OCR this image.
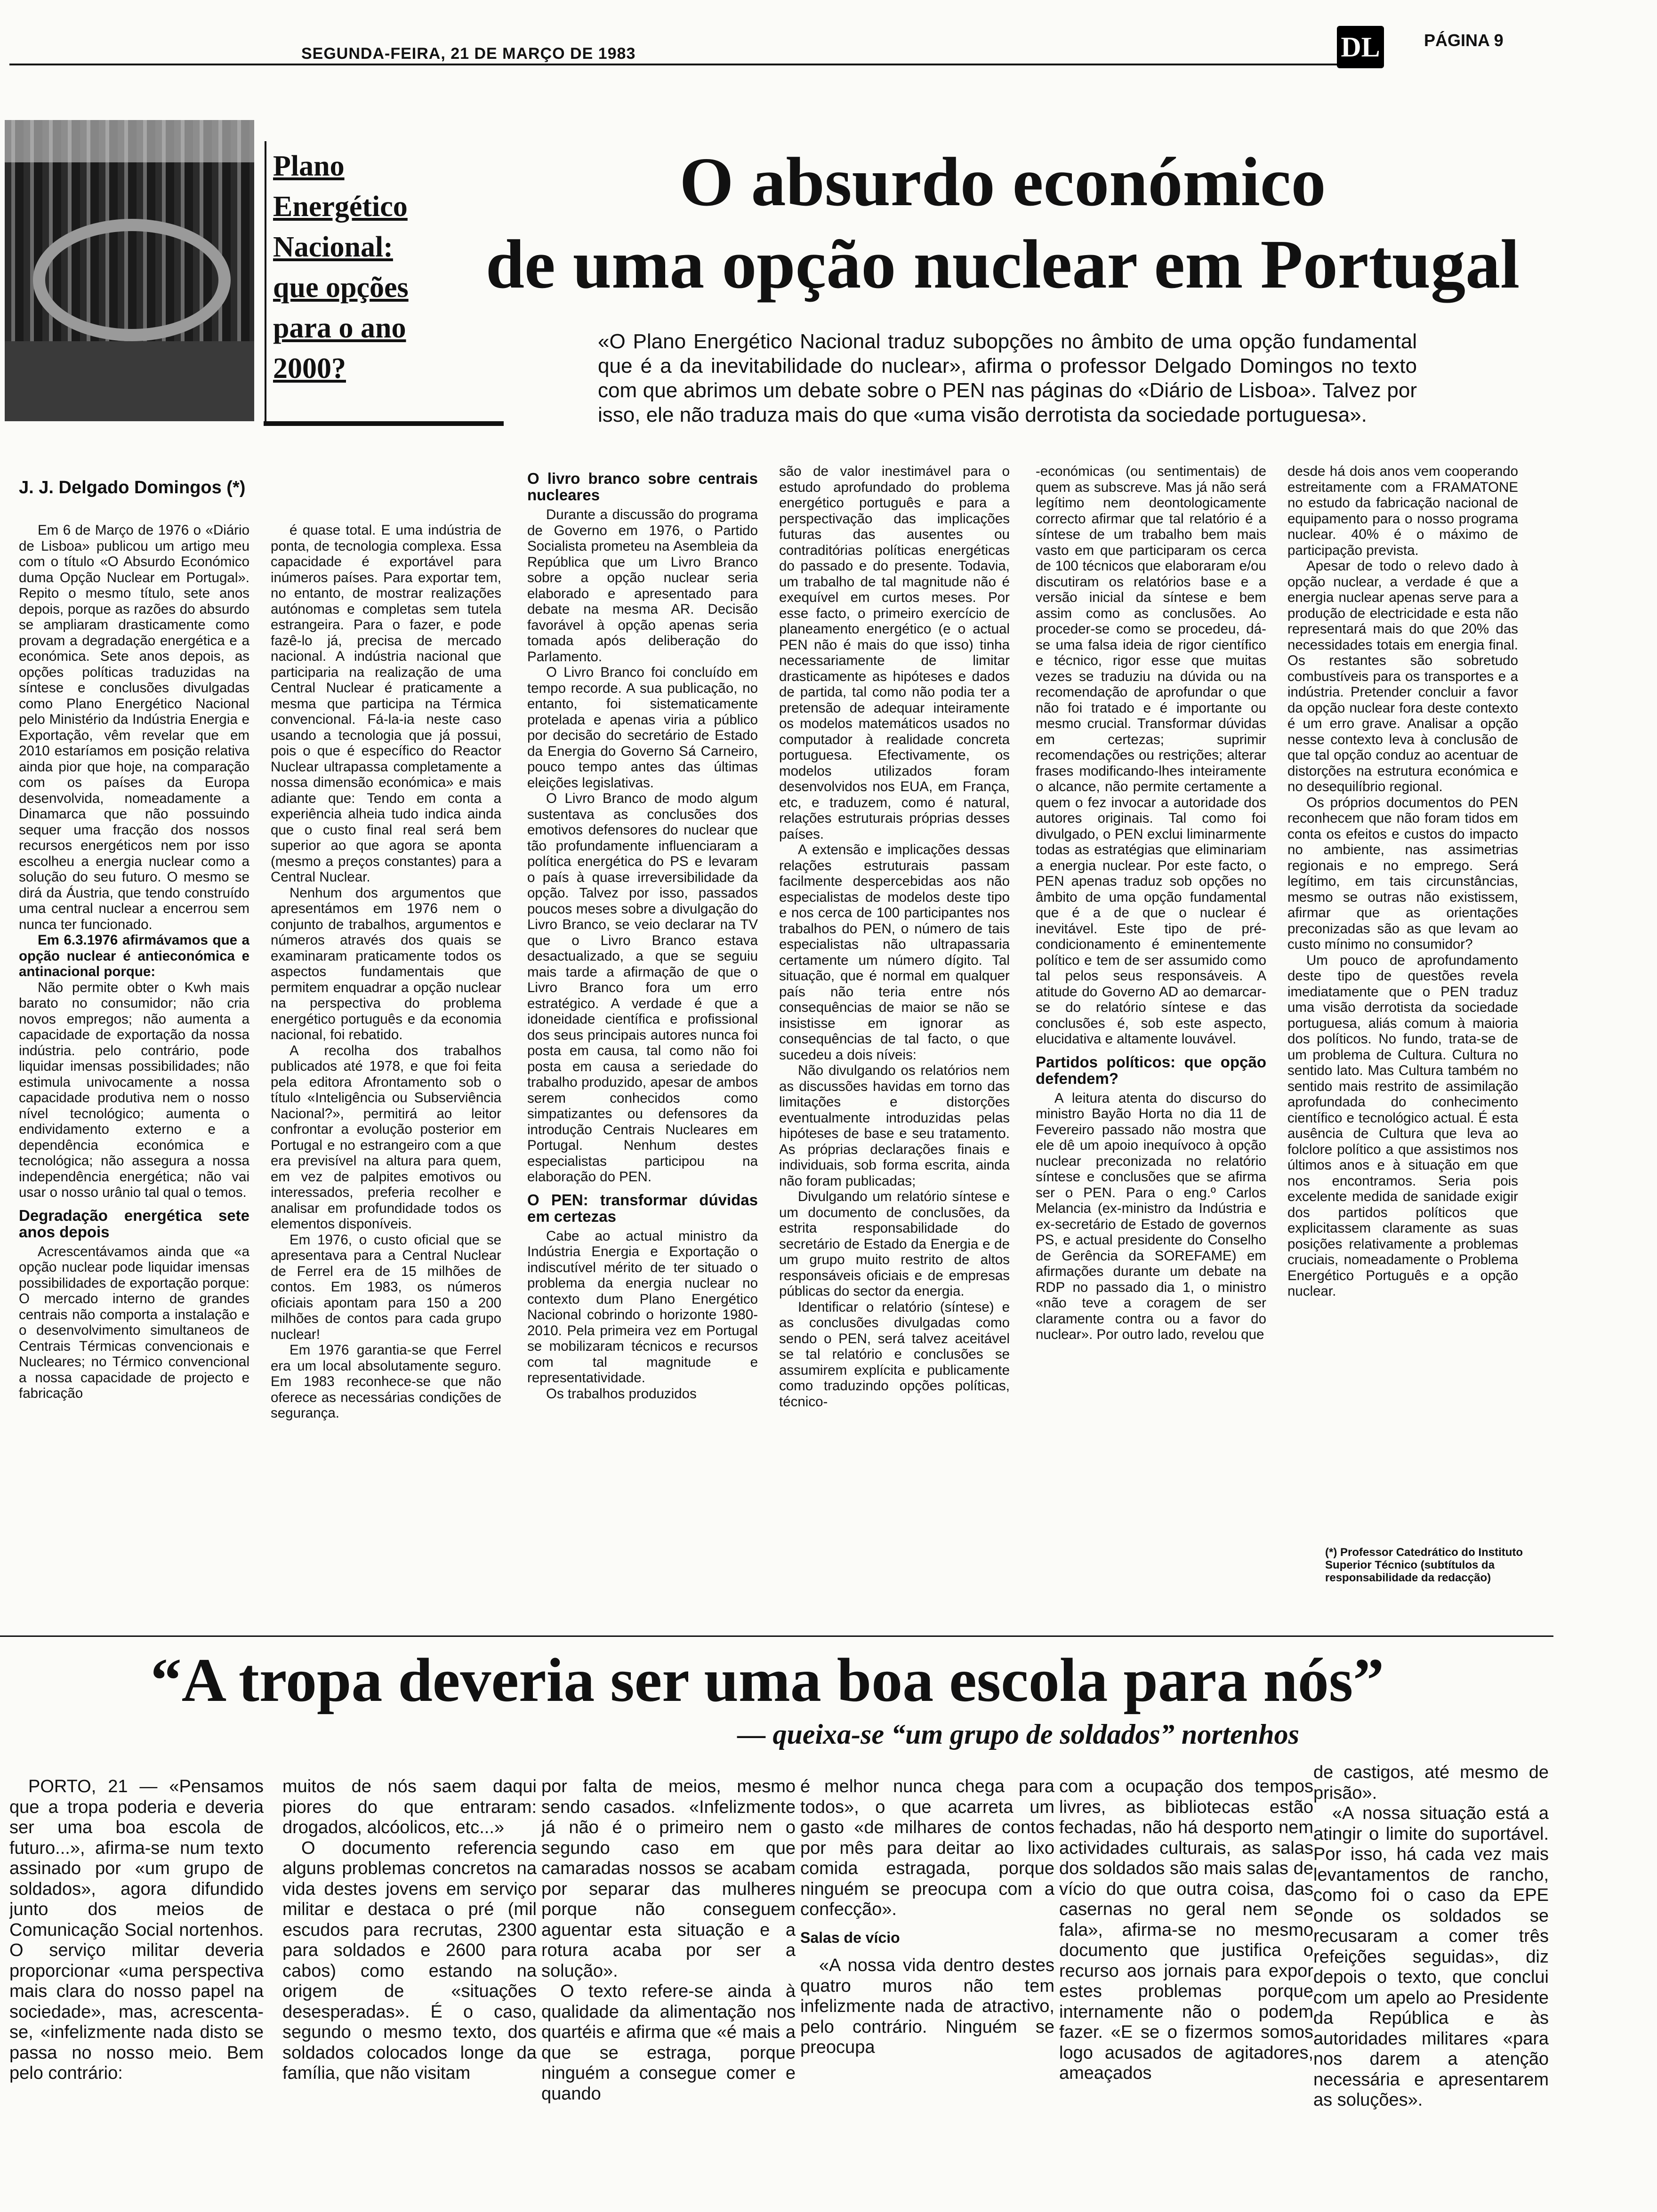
SEGUNDA-FEIRA, 21 DE MARÇO DE 1983	DL	PÁGINA 9
Plano
Energético
Nacional:
que opções
para o ano
2000?
O absurdo económico
de uma opção nuclear em Portugal
«O Plano Energético Nacional traduz subopções no âmbito de uma opção fundamental que é a da inevitabilidade do nuclear», afirma o professor Delgado Domingos no texto com que abrimos um debate sobre o PEN nas páginas do «Diário de Lisboa». Talvez por isso, ele não traduza mais do que «uma visão derrotista da sociedade portuguesa».
J. J. Delgado Domingos (*)

Em 6 de Março de 1976 o «Diário de Lisboa» publicou um artigo meu com o título «O Absurdo Económico duma Opção Nuclear em Portugal». Repito o mesmo título, sete anos depois, porque as razões do absurdo se ampliaram drasticamente como provam a degradação energética e a económica. Sete anos depois, as opções políticas traduzidas na síntese e conclusões divulgadas como Plano Energético Nacional pelo Ministério da Indústria Energia e Exportação, vêm revelar que em 2010 estaríamos em posição relativa ainda pior que hoje, na comparação com os países da Europa desenvolvida, nomeadamente a Dinamarca que não possuindo sequer uma fracção dos nossos recursos energéticos nem por isso escolheu a energia nuclear como a solução do seu futuro. O mesmo se dirá da Áustria, que tendo construído uma central nuclear a encerrou sem nunca ter funcionado.

Em 6.3.1976 afirmávamos que a opção nuclear é antieconómica e antinacional porque:

Não permite obter o Kwh mais barato no consumidor; não cria novos empregos; não aumenta a capacidade de exportação da nossa indústria. pelo contrário, pode liquidar imensas possibilidades; não estimula univocamente a nossa capacidade produtiva nem o nosso nível tecnológico; aumenta o endividamento externo e a dependência económica e tecnológica; não assegura a nossa independência energética; não vai usar o nosso urânio tal qual o temos.

Degradação energética sete anos depois

Acrescentávamos ainda que «a opção nuclear pode liquidar imensas possibilidades de exportação porque: O mercado interno de grandes centrais não comporta a instalação e o desenvolvimento simultaneos de Centrais Térmicas convencionais e Nucleares; no Térmico convencional a nossa capacidade de projecto e fabricação

é quase total. E uma indústria de ponta, de tecnologia complexa. Essa capacidade é exportável para inúmeros países. Para exportar tem, no entanto, de mostrar realizações autónomas e completas sem tutela estrangeira. Para o fazer, e pode fazê-lo já, precisa de mercado nacional. A indústria nacional que participaria na realização de uma Central Nuclear é praticamente a mesma que participa na Térmica convencional. Fá-la-ia neste caso usando a tecnologia que já possui, pois o que é específico do Reactor Nuclear ultrapassa completamente a nossa dimensão económica» e mais adiante que: Tendo em conta a experiência alheia tudo indica ainda que o custo final real será bem superior ao que agora se aponta (mesmo a preços constantes) para a Central Nuclear.

Nenhum dos argumentos que apresentámos em 1976 nem o conjunto de trabalhos, argumentos e números através dos quais se examinaram praticamente todos os aspectos fundamentais que permitem enquadrar a opção nuclear na perspectiva do problema energético português e da economia nacional, foi rebatido.

A recolha dos trabalhos publicados até 1978, e que foi feita pela editora Afrontamento sob o título «Inteligência ou Subserviência Nacional?», permitirá ao leitor confrontar a evolução posterior em Portugal e no estrangeiro com a que era previsível na altura para quem, em vez de palpites emotivos ou interessados, preferia recolher e analisar em profundidade todos os elementos disponíveis.

Em 1976, o custo oficial que se apresentava para a Central Nuclear de Ferrel era de 15 milhões de contos. Em 1983, os números oficiais apontam para 150 a 200 milhões de contos para cada grupo nuclear!

Em 1976 garantia-se que Ferrel era um local absolutamente seguro. Em 1983 reconhece-se que não oferece as necessárias condições de segurança.

O livro branco sobre centrais nucleares

Durante a discussão do programa de Governo em 1976, o Partido Socialista prometeu na Asembleia da República que um Livro Branco sobre a opção nuclear seria elaborado e apresentado para debate na mesma AR. Decisão favorável à opção apenas seria tomada após deliberação do Parlamento.

O Livro Branco foi concluído em tempo recorde. A sua publicação, no entanto, foi sistematicamente protelada e apenas viria a público por decisão do secretário de Estado da Energia do Governo Sá Carneiro, pouco tempo antes das últimas eleições legislativas.

O Livro Branco de modo algum sustentava as conclusões dos emotivos defensores do nuclear que tão profundamente influenciaram a política energética do PS e levaram o país à quase irreversibilidade da opção. Talvez por isso, passados poucos meses sobre a divulgação do Livro Branco, se veio declarar na TV que o Livro Branco estava desactualizado, a que se seguiu mais tarde a afirmação de que o Livro Branco fora um erro estratégico. A verdade é que a idoneidade científica e profissional dos seus principais autores nunca foi posta em causa, tal como não foi posta em causa a seriedade do trabalho produzido, apesar de ambos serem conhecidos como simpatizantes ou defensores da introdução Centrais Nucleares em Portugal. Nenhum destes especialistas participou na elaboração do PEN.

O PEN: transformar dúvidas em certezas

Cabe ao actual ministro da Indústria Energia e Exportação o indiscutível mérito de ter situado o problema da energia nuclear no contexto dum Plano Energético Nacional cobrindo o horizonte 1980-2010. Pela primeira vez em Portugal se mobilizaram técnicos e recursos com tal magnitude e representatividade.

Os trabalhos produzidos

são de valor inestimável para o estudo aprofundado do problema energético português e para a perspectivação das implicações futuras das ausentes ou contraditórias políticas energéticas do passado e do presente. Todavia, um trabalho de tal magnitude não é exequível em curtos meses. Por esse facto, o primeiro exercício de planeamento energético (e o actual PEN não é mais do que isso) tinha necessariamente de limitar drasticamente as hipóteses e dados de partida, tal como não podia ter a pretensão de adequar inteiramente os modelos matemáticos usados no computador à realidade concreta portuguesa. Efectivamente, os modelos utilizados foram desenvolvidos nos EUA, em França, etc, e traduzem, como é natural, relações estruturais próprias desses países.

A extensão e implicações dessas relações estruturais passam facilmente despercebidas aos não especialistas de modelos deste tipo e nos cerca de 100 participantes nos trabalhos do PEN, o número de tais especialistas não ultrapassaria certamente um número dígito. Tal situação, que é normal em qualquer país não teria entre nós consequências de maior se não se insistisse em ignorar as consequências de tal facto, o que sucedeu a dois níveis:

Não divulgando os relatórios nem as discussões havidas em torno das limitações e distorções eventualmente introduzidas pelas hipóteses de base e seu tratamento. As próprias declarações finais e individuais, sob forma escrita, ainda não foram publicadas;

Divulgando um relatório síntese e um documento de conclusões, da estrita responsabilidade do secretário de Estado da Energia e de um grupo muito restrito de altos responsáveis oficiais e de empresas públicas do sector da energia.

Identificar o relatório (síntese) e as conclusões divulgadas como sendo o PEN, será talvez aceitável se tal relatório e conclusões se assumirem explícita e publicamente como traduzindo opções políticas, técnico-

-económicas (ou sentimentais) de quem as subscreve. Mas já não será legítimo nem deontologicamente correcto afirmar que tal relatório é a síntese de um trabalho bem mais vasto em que participaram os cerca de 100 técnicos que elaboraram e/ou discutiram os relatórios base e a versão inicial da síntese e bem assim como as conclusões. Ao proceder-se como se procedeu, dá-se uma falsa ideia de rigor científico e técnico, rigor esse que muitas vezes se traduziu na dúvida ou na recomendação de aprofundar o que não foi tratado e é importante ou mesmo crucial. Transformar dúvidas em certezas; suprimir recomendações ou restrições; alterar frases modificando-lhes inteiramente o alcance, não permite certamente a quem o fez invocar a autoridade dos autores originais. Tal como foi divulgado, o PEN exclui liminarmente todas as estratégias que eliminariam a energia nuclear. Por este facto, o PEN apenas traduz sob opções no âmbito de uma opção fundamental que é a de que o nuclear é inevitável. Este tipo de pré-condicionamento é eminentemente político e tem de ser assumido como tal pelos seus responsáveis. A atitude do Governo AD ao demarcar-se do relatório síntese e das conclusões é, sob este aspecto, elucidativa e altamente louvável.

Partidos políticos: que opção defendem?

A leitura atenta do discurso do ministro Bayão Horta no dia 11 de Fevereiro passado não mostra que ele dê um apoio inequívoco à opção nuclear preconizada no relatório síntese e conclusões que se afirma ser o PEN. Para o eng.º Carlos Melancia (ex-ministro da Indústria e ex-secretário de Estado de governos PS, e actual presidente do Conselho de Gerência da SOREFAME) em afirmações durante um debate na RDP no passado dia 1, o ministro «não teve a coragem de ser claramente contra ou a favor do nuclear». Por outro lado, revelou que

desde há dois anos vem cooperando estreitamente com a FRAMATONE no estudo da fabricação nacional de equipamento para o nosso programa nuclear. 40% é o máximo de participação prevista.

Apesar de todo o relevo dado à opção nuclear, a verdade é que a energia nuclear apenas serve para a produção de electricidade e esta não representará mais do que 20% das necessidades totais em energia final. Os restantes são sobretudo combustíveis para os transportes e a indústria. Pretender concluir a favor da opção nuclear fora deste contexto é um erro grave. Analisar a opção nesse contexto leva à conclusão de que tal opção conduz ao acentuar de distorções na estrutura económica e no desequilíbrio regional.

Os próprios documentos do PEN reconhecem que não foram tidos em conta os efeitos e custos do impacto no ambiente, nas assimetrias regionais e no emprego. Será legítimo, em tais circunstâncias, mesmo se outras não existissem, afirmar que as orientações preconizadas são as que levam ao custo mínimo no consumidor?

Um pouco de aprofundamento deste tipo de questões revela imediatamente que o PEN traduz uma visão derrotista da sociedade portuguesa, aliás comum à maioria dos políticos. No fundo, trata-se de um problema de Cultura. Cultura no sentido lato. Mas Cultura também no sentido mais restrito de assimilação aprofundada do conhecimento científico e tecnológico actual. É esta ausência de Cultura que leva ao folclore político a que assistimos nos últimos anos e à situação em que nos encontramos. Seria pois excelente medida de sanidade exigir dos partidos políticos que explicitassem claramente as suas posições relativamente a problemas cruciais, nomeadamente o Problema Energético Português e a opção nuclear.

(*) Professor Catedrático do Instituto Superior Técnico (subtítulos da responsabilidade da redacção)
“A tropa deveria ser uma boa escola para nós”
— queixa-se “um grupo de soldados” nortenhos

PORTO, 21 — «Pensamos que a tropa poderia e deveria ser uma boa escola de futuro...», afirma-se num texto assinado por «um grupo de soldados», agora difundido junto dos meios de Comunicação Social nortenhos. O serviço militar deveria proporcionar «uma perspectiva mais clara do nosso papel na sociedade», mas, acrescenta-se, «infelizmente nada disto se passa no nosso meio. Bem pelo contrário:

muitos de nós saem daqui piores do que entraram: drogados, alcóolicos, etc...»

O documento referencia alguns problemas concretos na vida destes jovens em serviço militar e destaca o pré (mil escudos para recrutas, 2300 para soldados e 2600 para cabos) como estando na origem de «situações desesperadas». É o caso, segundo o mesmo texto, dos soldados colocados longe da família, que não visitam

por falta de meios, mesmo sendo casados. «Infelizmente já não é o primeiro nem o segundo caso em que camaradas nossos se acabam por separar das mulheres porque não conseguem aguentar esta situação e a rotura acaba por ser a solução».

O texto refere-se ainda à qualidade da alimentação nos quartéis e afirma que «é mais a que se estraga, porque ninguém a consegue comer e quando

é melhor nunca chega para todos», o que acarreta um gasto «de milhares de contos por mês para deitar ao lixo comida estragada, porque ninguém se preocupa com a confecção».

Salas de vício

«A nossa vida dentro destes quatro muros não tem infelizmente nada de atractivo, pelo contrário. Ninguém se preocupa

com a ocupação dos tempos livres, as bibliotecas estão fechadas, não há desporto nem actividades culturais, as salas dos soldados são mais salas de vício do que outra coisa, das casernas no geral nem se fala», afirma-se no mesmo documento que justifica o recurso aos jornais para expor estes problemas porque internamente não o podem fazer. «E se o fizermos somos logo acusados de agitadores, ameaçados

de castigos, até mesmo de prisão».

«A nossa situação está a atingir o limite do suportável. Por isso, há cada vez mais levantamentos de rancho, como foi o caso da EPE onde os soldados se recusaram a comer três refeições seguidas», diz depois o texto, que conclui com um apelo ao Presidente da República e às autoridades militares «para nos darem a atenção necessária e apresentarem as soluções».
